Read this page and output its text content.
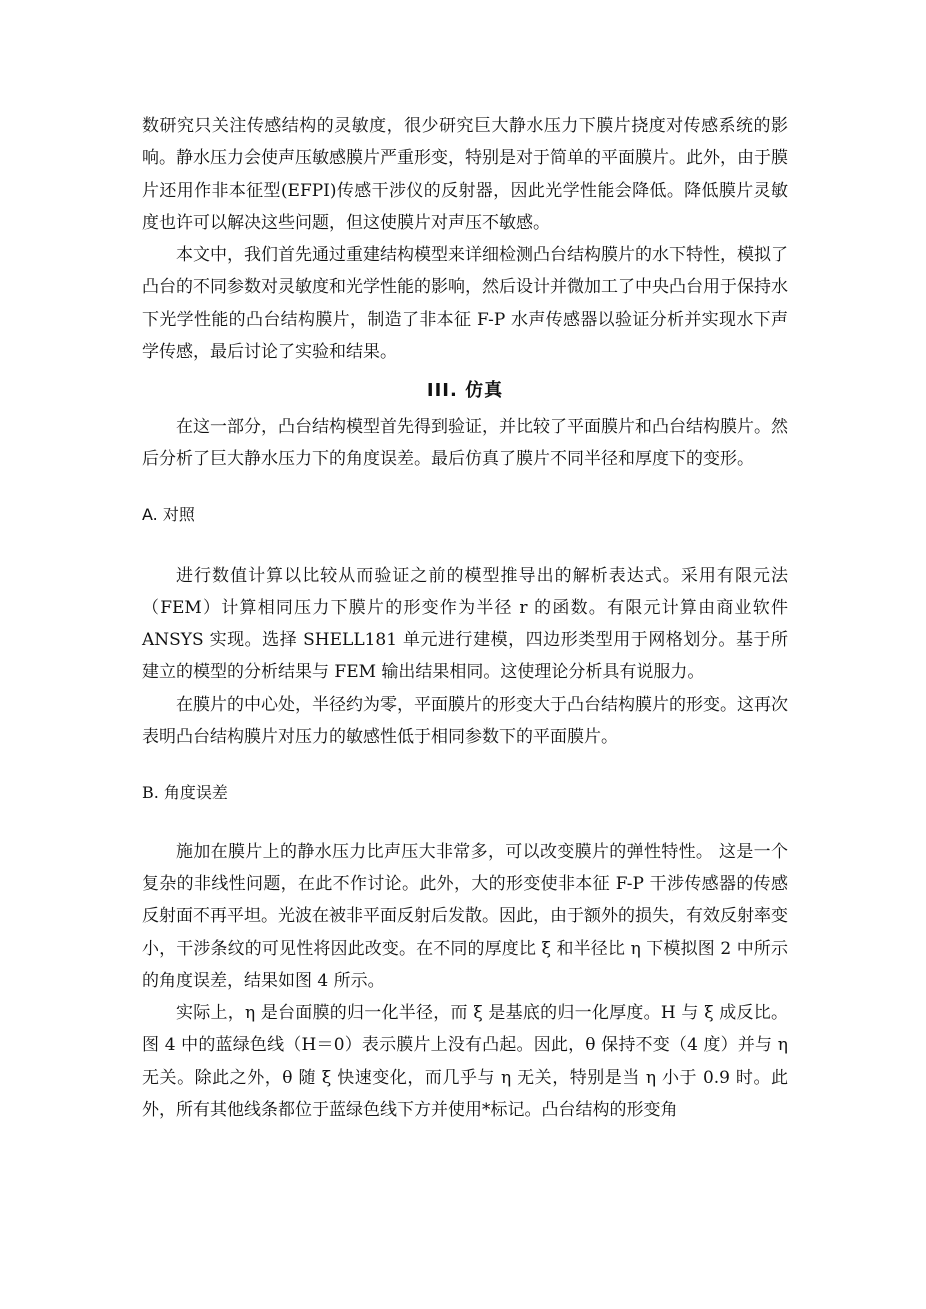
数研究只关注传感结构的灵敏度，很少研究巨大静水压力下膜片挠度对传感系统的影响。静水压力会使声压敏感膜片严重形变，特别是对于简单的平面膜片。此外，由于膜片还用作非本征型(EFPI)传感干涉仪的反射器，因此光学性能会降低。降低膜片灵敏度也许可以解决这些问题，但这使膜片对声压不敏感。

本文中，我们首先通过重建结构模型来详细检测凸台结构膜片的水下特性，模拟了凸台的不同参数对灵敏度和光学性能的影响，然后设计并微加工了中央凸台用于保持水下光学性能的凸台结构膜片，制造了非本征 F-P 水声传感器以验证分析并实现水下声学传感，最后讨论了实验和结果。

III. 仿真

在这一部分，凸台结构模型首先得到验证，并比较了平面膜片和凸台结构膜片。然后分析了巨大静水压力下的角度误差。最后仿真了膜片不同半径和厚度下的变形。

A. 对照

进行数值计算以比较从而验证之前的模型推导出的解析表达式。采用有限元法（FEM）计算相同压力下膜片的形变作为半径 r 的函数。有限元计算由商业软件 ANSYS 实现。选择 SHELL181 单元进行建模，四边形类型用于网格划分。基于所建立的模型的分析结果与 FEM 输出结果相同。这使理论分析具有说服力。

在膜片的中心处，半径约为零，平面膜片的形变大于凸台结构膜片的形变。这再次表明凸台结构膜片对压力的敏感性低于相同参数下的平面膜片。

B. 角度误差

施加在膜片上的静水压力比声压大非常多，可以改变膜片的弹性特性。 这是一个复杂的非线性问题，在此不作讨论。此外，大的形变使非本征 F-P 干涉传感器的传感反射面不再平坦。光波在被非平面反射后发散。因此，由于额外的损失，有效反射率变小，干涉条纹的可见性将因此改变。在不同的厚度比 ξ 和半径比 η 下模拟图 2 中所示的角度误差，结果如图 4 所示。

实际上，η 是台面膜的归一化半径，而 ξ 是基底的归一化厚度。H 与 ξ 成反比。图 4 中的蓝绿色线（H＝0）表示膜片上没有凸起。因此，θ 保持不变（4 度）并与 η 无关。除此之外，θ 随 ξ 快速变化，而几乎与 η 无关，特别是当 η 小于 0.9 时。此外，所有其他线条都位于蓝绿色线下方并使用*标记。凸台结构的形变角
